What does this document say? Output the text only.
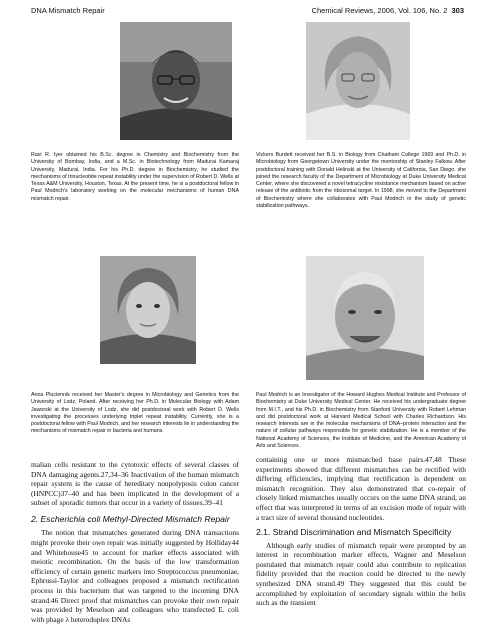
DNA Mismatch Repair	Chemical Reviews, 2006, Vol. 106, No. 2 303
Ravi R. Iyer obtained his B.Sc. degree in Chemistry and Biochemistry from the University of Bombay, India, and a M.Sc. in Biotechnology from Madurai Kamaraj University, Madurai, India. For his Ph.D. degree in Biochemistry, he studied the mechanisms of trinucleotide repeat instability under the supervision of Robert D. Wells at Texas A&M University, Houston, Texas. At the present time, he is a postdoctoral fellow in Paul Modrich's laboratory working on the molecular mechanisms of human DNA mismatch repair.
Vickers Burdett received her B.S. in Biology from Chatham College 1969 and Ph.D. in Microbiology from Georgetown University under the mentorship of Stanley Falkow. After postdoctoral training with Donald Helinski at the University of California, San Diego, she joined the research faculty of the Department of Microbiology at Duke University Medical Center, where she discovered a novel tetracycline resistance mechanism based on active release of the antibiotic from the ribosomal target. In 1998, she moved to the Department of Biochemistry where she collaborates with Paul Modrich in the study of genetic stabilization pathways.
Anna Pluciennik received her Master's degree in Microbiology and Genetics from the University of Lodz, Poland. After receiving her Ph.D. in Molecular Biology with Adam Jaworski at the University of Lodz, she did postdoctoral work with Robert D. Wells investigating the processes underlying triplet repeat instability. Currently, she is a postdoctoral fellow with Paul Modrich, and her research interests lie in understanding the mechanisms of mismatch repair in bacteria and humans.
Paul Modrich is an Investigator of the Howard Hughes Medical Institute and Professor of Biochemistry at Duke University Medical Center. He received his undergraduate degree from M.I.T., and his Ph.D. in Biochemistry from Stanford University with Robert Lehman and did postdoctoral work at Harvard Medical School with Charles Richardson. His research interests are in the molecular mechanisms of DNA–protein interaction and the nature of cellular pathways responsible for genetic stabilization. He is a member of the National Academy of Sciences, the Institute of Medicine, and the American Academy of Arts and Sciences.

malian cells resistant to the cytotoxic effects of several classes of DNA damaging agents.27,34–36 Inactivation of the human mismatch repair system is the cause of hereditary nonpolyposis colon cancer (HNPCC)37–40 and has been implicated in the development of a subset of sporadic tumors that occur in a variety of tissues.39–41

2. Escherichia coli Methyl-Directed Mismatch Repair

The notion that mismatches generated during DNA transactions might provoke their own repair was initially suggested by Holliday44 and Whitehouse45 to account for marker effects associated with meiotic recombination. On the basis of the low transformation efficiency of certain genetic markers into Streptococcus pneumoniae, Ephrussi-Taylor and colleagues proposed a mismatch rectification process in this bacterium that was targeted to the incoming DNA strand.46 Direct proof that mismatches can provoke their own repair was provided by Meselson and colleagues who transfected E. coli with phage λ heteroduplex DNAs

containing one or more mismatched base pairs.47,48 These experiments showed that different mismatches can be rectified with differing efficiencies, implying that rectification is dependent on mismatch recognition. They also demonstrated that co-repair of closely linked mismatches usually occurs on the same DNA strand, an effect that was interpreted in terms of an excision mode of repair with a tract size of several thousand nucleotides.

2.1. Strand Discrimination and Mismatch Specificity

Although early studies of mismatch repair were prompted by an interest in recombination marker effects, Wagner and Meselson postulated that mismatch repair could also contribute to replication fidelity provided that the reaction could be directed to the newly synthesized DNA strand.49 They suggested that this could be accomplished by exploitation of secondary signals within the helix such as the transient
